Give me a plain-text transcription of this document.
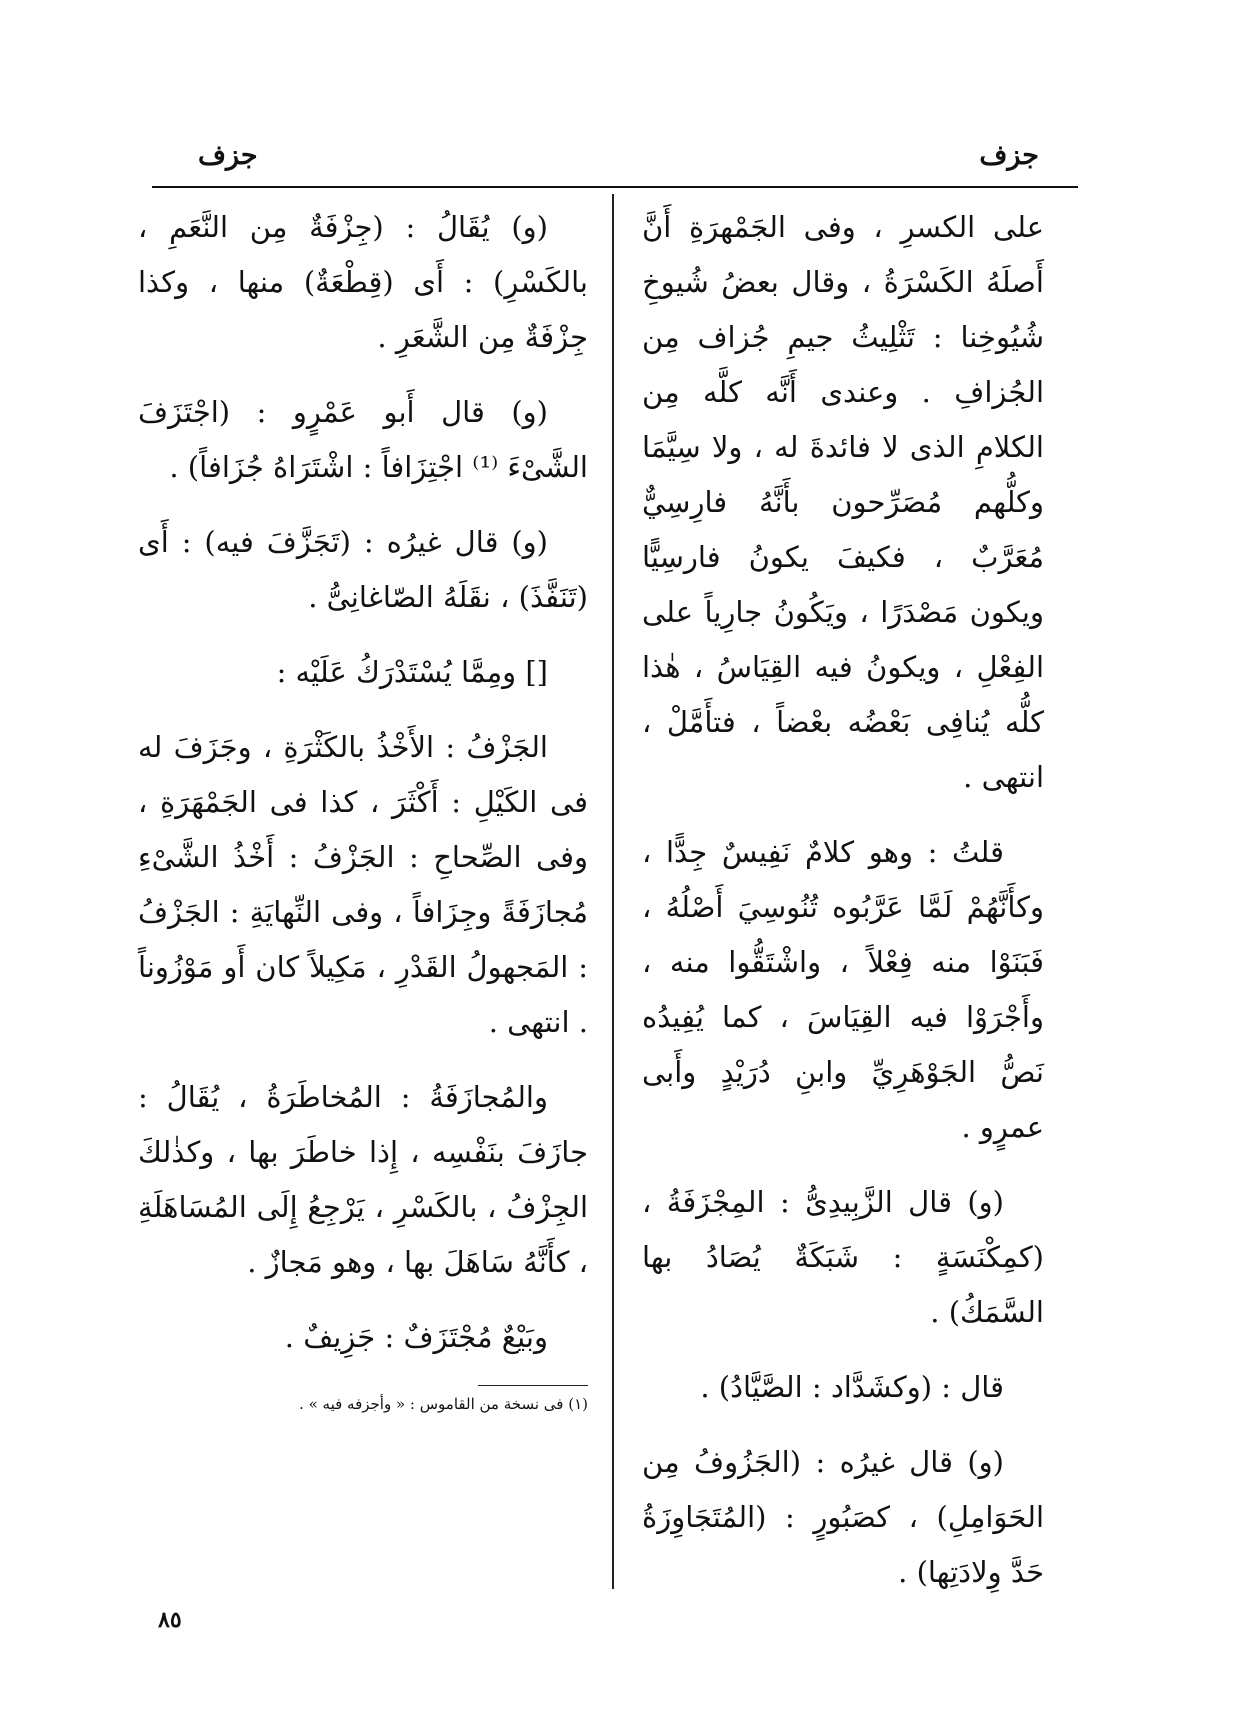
جزف
جزف

على الكسرِ ، وفى الجَمْهرَةِ أَنَّ أَصلَهُ الكَسْرَةُ ، وقال بعضُ شُيوخِ شُيُوخِنا : تَثْلِيثُ جيمِ جُزاف مِن الجُزافِ . وعندى أَنَّه كلَّه مِن الكلامِ الذى لا فائدةَ له ، ولا سِيَّمَا وكلُّهم مُصَرِّحون بأَنَّهُ فارِسِيٌّ مُعَرَّبٌ ، فكيفَ يكونُ فارسِيًّا ويكون مَصْدَرًا ، ويَكُونُ جارِياً على الفِعْلِ ، ويكونُ فيه القِيَاسُ ، هٰذا كلُّه يُنافِى بَعْضُه بعْضاً ، فتأَمَّلْ ، انتهى .

قلتُ : وهو كلامٌ نَفِيسٌ جِدًّا ، وكأَنَّهُمْ لَمَّا عَرَّبُوه تُنُوسِيَ أَصْلُهُ ، فَبَنَوْا منه فِعْلاً ، واشْتَقُّوا منه ، وأَجْرَوْا فيه القِيَاسَ ، كما يُفِيدُه نَصُّ الجَوْهَرِيِّ وابنِ دُرَيْدٍ وأَبى عمرٍو .

(و) قال الزَّبِيدِىُّ : المِجْزَفَةُ ، (كمِكْنَسَةٍ : شَبَكَةٌ يُصَادُ بها السَّمَكُ) .

قال : (وكشَدَّاد : الصَّيَّادُ) .

(و) قال غيرُه : (الجَزُوفُ مِن الحَوَامِلِ) ، كصَبُورٍ : (المُتَجَاوِزَةُ حَدَّ وِلادَتِها) .

(و) يُقَالُ : (جِزْفَةٌ مِن النَّعَمِ ، بالكَسْرِ) : أَى (قِطْعَةٌ) منها ، وكذا جِزْفَةٌ مِن الشَّعَرِ .

(و) قال أَبو عَمْرٍو : (اجْتَزَفَ الشَّىْءَ ⁽¹⁾ اجْتِزَافاً : اشْتَرَاهُ جُزَافاً) .

(و) قال غيرُه : (تَجَزَّفَ فيه) : أَى (تَنَفَّذَ) ، نقَلَهُ الصّاغانِىُّ .

[] ومِمَّا يُسْتَدْرَكُ عَلَيْه :

الجَزْفُ : الأَخْذُ بالكَثْرَةِ ، وجَزَفَ له فى الكَيْلِ : أَكْثَرَ ، كذا فى الجَمْهَرَةِ ، وفى الصِّحاحِ : الجَزْفُ : أَخْذُ الشَّىْءِ مُجازَفَةً وجِزَافاً ، وفى النِّهايَةِ : الجَزْفُ : المَجهولُ القَدْرِ ، مَكِيلاً كان أَو مَوْزُوناً . انتهى .

والمُجازَفَةُ : المُخاطَرَةُ ، يُقَالُ : جازَفَ بنَفْسِه ، إِذا خاطَرَ بها ، وكذٰلكَ الجِزْفُ ، بالكَسْرِ ، يَرْجِعُ إِلَى المُسَاهَلَةِ ، كأَنَّهُ سَاهَلَ بها ، وهو مَجازٌ .

وبَيْعٌ مُجْتَزَفٌ : جَزِيفٌ .

(١) فى نسخة من القاموس : « وأجزفه فيه » .
٨٥
